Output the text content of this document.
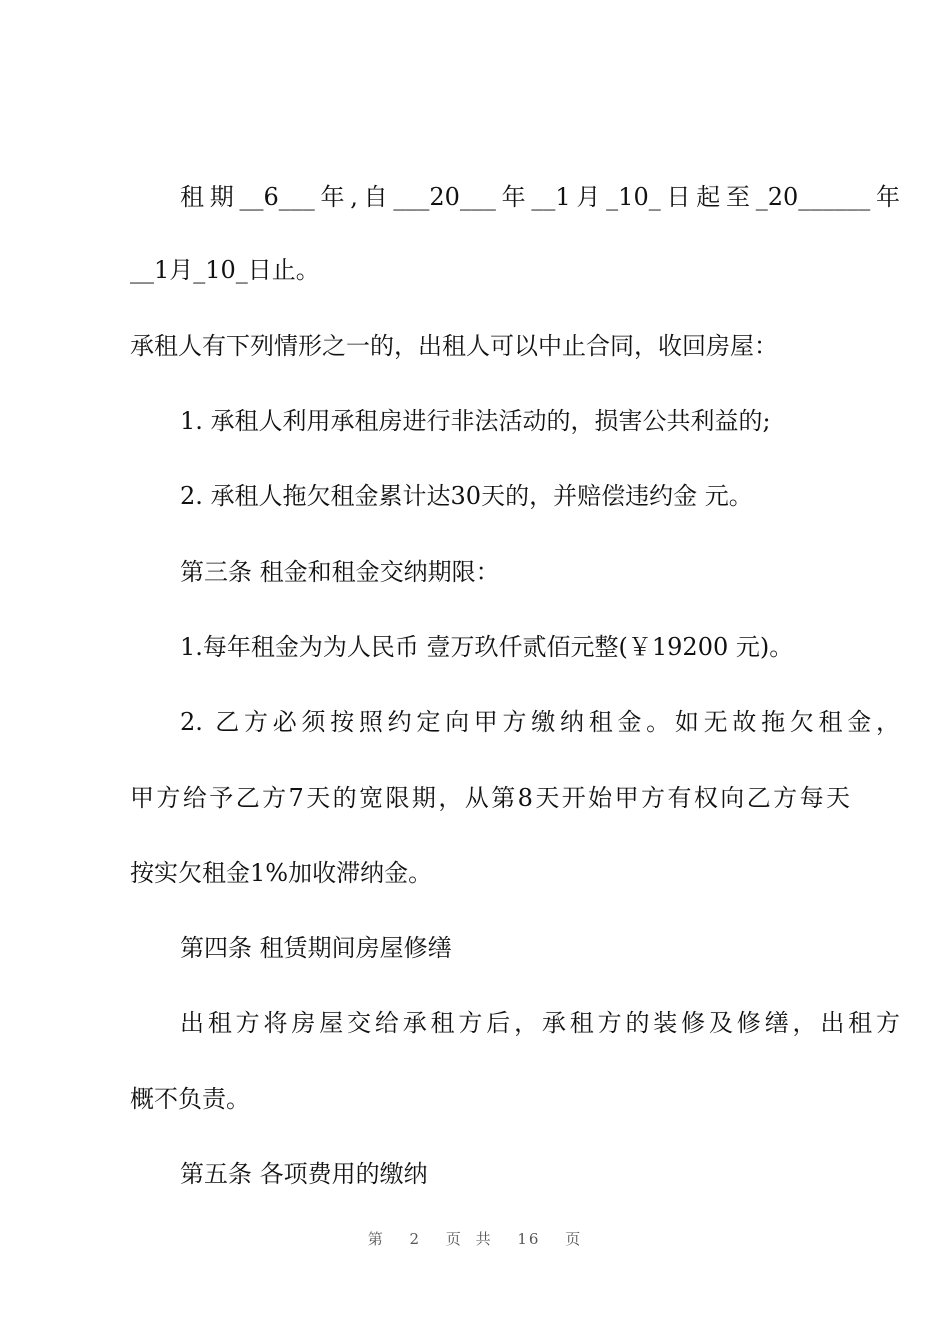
租期__6___年,自___20___年__1月_10_日起至_20______年
__1月_10_日止。
承租人有下列情形之一的，出租人可以中止合同，收回房屋：
1. 承租人利用承租房进行非法活动的，损害公共利益的;
2. 承租人拖欠租金累计达30天的，并赔偿违约金 元。
第三条 租金和租金交纳期限：
1.每年租金为为人民币 壹万玖仟贰佰元整(￥19200 元)。
2. 乙方必须按照约定向甲方缴纳租金。如无故拖欠租金，
甲方给予乙方7天的宽限期，从第8天开始甲方有权向乙方每天
按实欠租金1%加收滞纳金。
第四条 租赁期间房屋修缮
出租方将房屋交给承租方后，承租方的装修及修缮，出租方
概不负责。
第五条 各项费用的缴纳
第 2 页 共 16 页
